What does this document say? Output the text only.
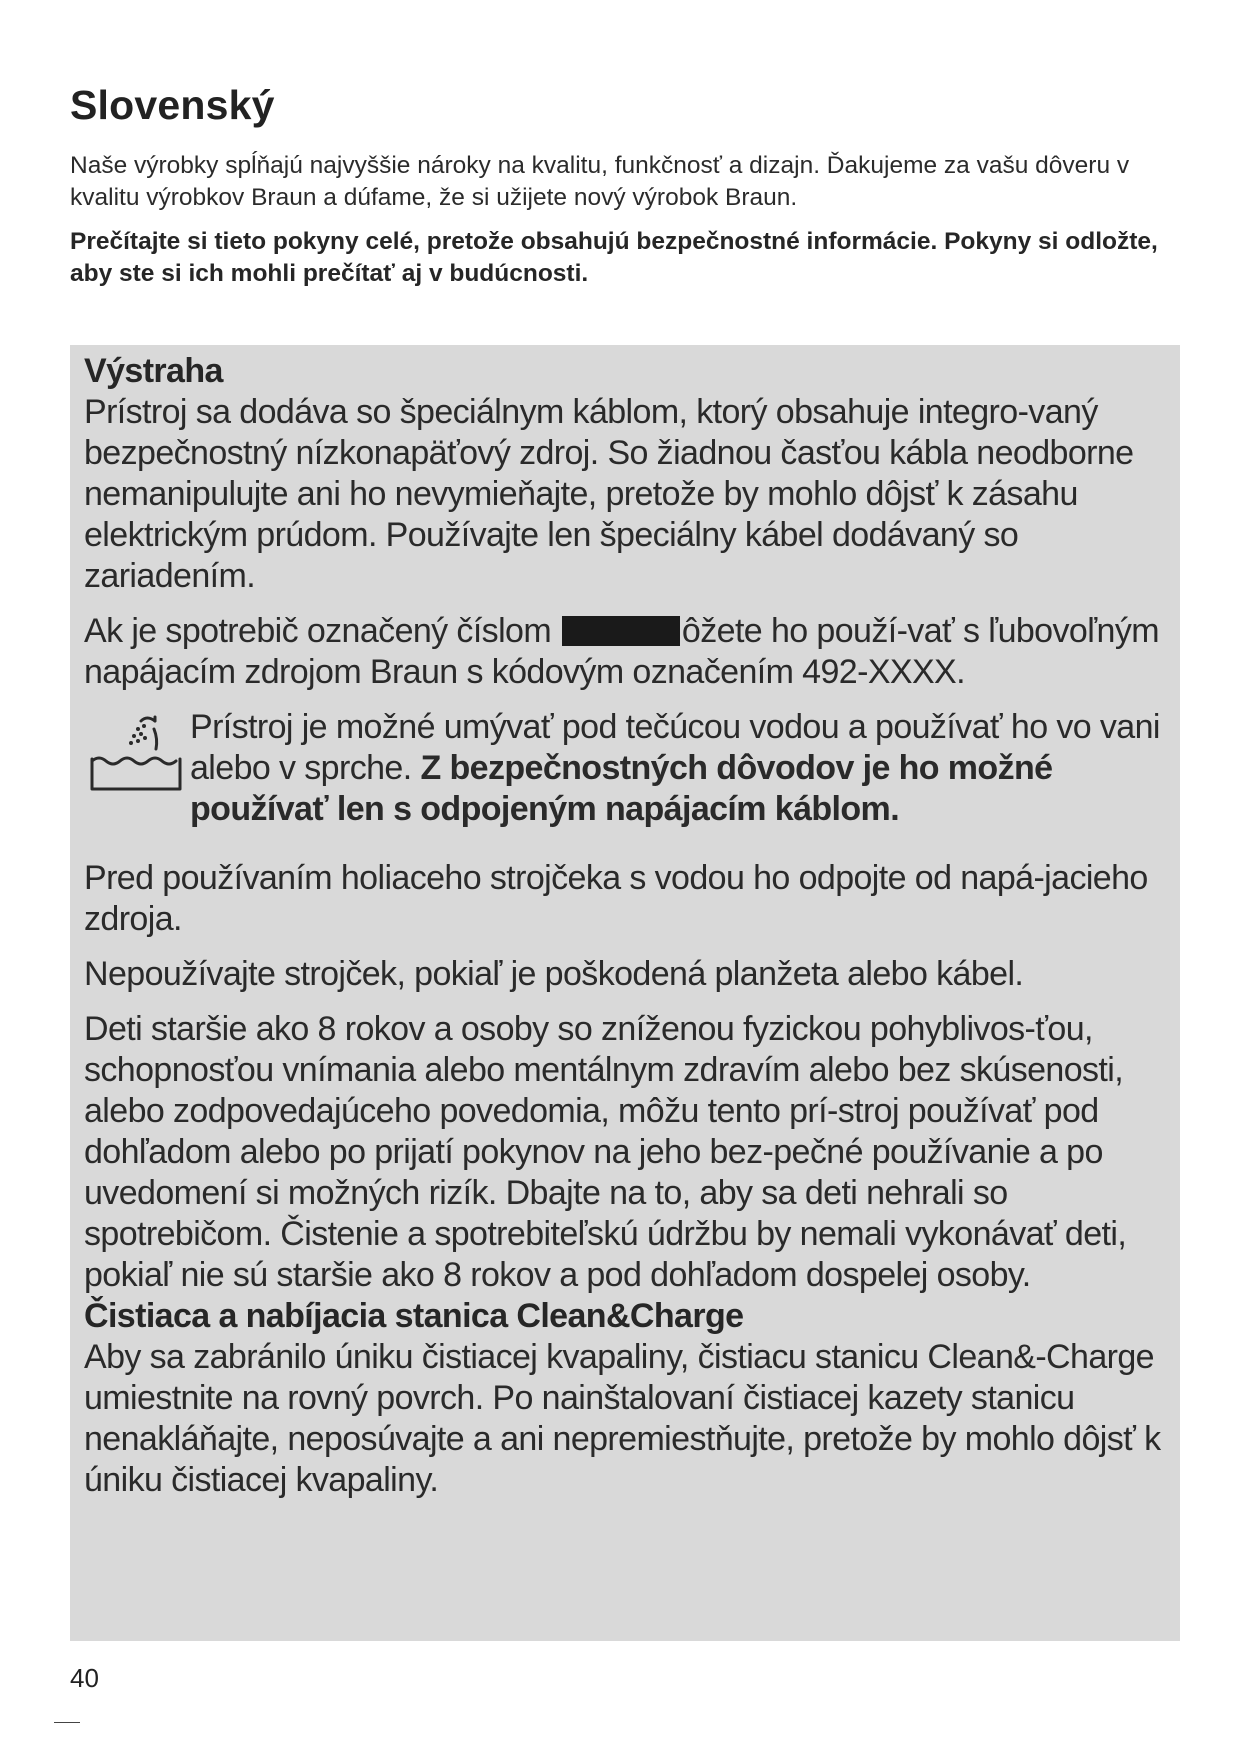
Slovenský

Naše výrobky spĺňajú najvyššie nároky na kvalitu, funkčnosť a dizajn. Ďakujeme za vašu dôveru v kvalitu výrobkov Braun a dúfame, že si užijete nový výrobok Braun.

Prečítajte si tieto pokyny celé, pretože obsahujú bezpečnostné informácie. Pokyny si odložte, aby ste si ich mohli prečítať aj v budúcnosti.

Výstraha

Prístroj sa dodáva so špeciálnym káblom, ktorý obsahuje integro-vaný bezpečnostný nízkonapäťový zdroj. So žiadnou časťou kábla neodborne nemanipulujte ani ho nevymieňajte, pretože by mohlo dôjsť k zásahu elektrickým prúdom. Používajte len špeciálny kábel dodávaný so zariadením.

Ak je spotrebič označený číslom	ôžete ho použí-vať s ľubovoľným napájacím zdrojom Braun s kódovým označením 492-XXXX.

Prístroj je možné umývať pod tečúcou vodou a používať ho vo vani alebo v sprche. Z bezpečnostných dôvodov je ho možné používať len s odpojeným napájacím káblom.

Pred používaním holiaceho strojčeka s vodou ho odpojte od napá-jacieho zdroja.

Nepoužívajte strojček, pokiaľ je poškodená planžeta alebo kábel.

Deti staršie ako 8 rokov a osoby so zníženou fyzickou pohyblivos-ťou, schopnosťou vnímania alebo mentálnym zdravím alebo bez skúsenosti, alebo zodpovedajúceho povedomia, môžu tento prí-stroj používať pod dohľadom alebo po prijatí pokynov na jeho bez-pečné používanie a po uvedomení si možných rizík. Dbajte na to, aby sa deti nehrali so spotrebičom. Čistenie a spotrebiteľskú údržbu by nemali vykonávať deti, pokiaľ nie sú staršie ako 8 rokov a pod dohľadom dospelej osoby.

Čistiaca a nabíjacia stanica Clean&Charge

Aby sa zabránilo úniku čistiacej kvapaliny, čistiacu stanicu Clean&-Charge umiestnite na rovný povrch. Po nainštalovaní čistiacej kazety stanicu nenakláňajte, neposúvajte a ani nepremiestňujte, pretože by mohlo dôjsť k úniku čistiacej kvapaliny.

40
